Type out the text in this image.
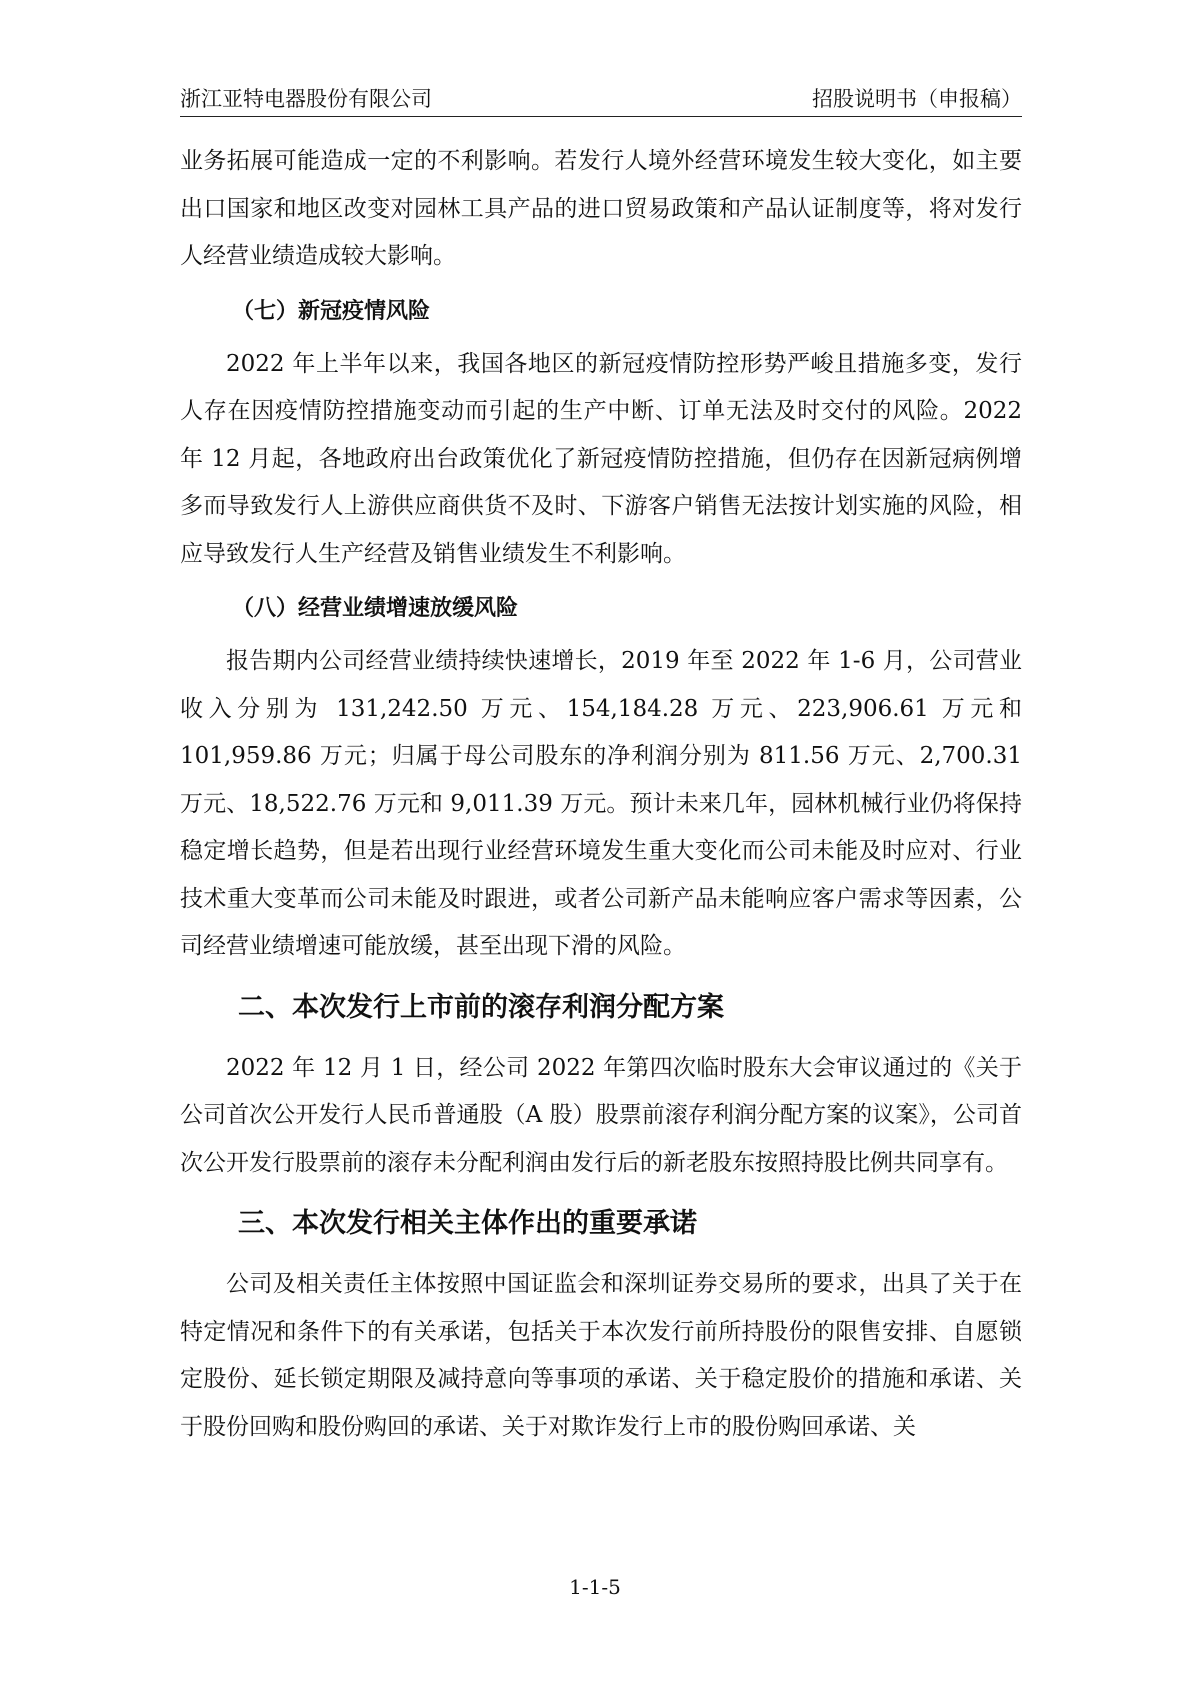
浙江亚特电器股份有限公司	招股说明书（申报稿）

业务拓展可能造成一定的不利影响。若发行人境外经营环境发生较大变化，如主要出口国家和地区改变对园林工具产品的进口贸易政策和产品认证制度等，将对发行人经营业绩造成较大影响。

（七）新冠疫情风险

2022 年上半年以来，我国各地区的新冠疫情防控形势严峻且措施多变，发行人存在因疫情防控措施变动而引起的生产中断、订单无法及时交付的风险。2022 年 12 月起，各地政府出台政策优化了新冠疫情防控措施，但仍存在因新冠病例增多而导致发行人上游供应商供货不及时、下游客户销售无法按计划实施的风险，相应导致发行人生产经营及销售业绩发生不利影响。

（八）经营业绩增速放缓风险

报告期内公司经营业绩持续快速增长，2019 年至 2022 年 1-6 月，公司营业收入分别为 131,242.50 万元、154,184.28 万元、223,906.61 万元和 101,959.86 万元；归属于母公司股东的净利润分别为 811.56 万元、2,700.31 万元、18,522.76 万元和 9,011.39 万元。预计未来几年，园林机械行业仍将保持稳定增长趋势，但是若出现行业经营环境发生重大变化而公司未能及时应对、行业技术重大变革而公司未能及时跟进，或者公司新产品未能响应客户需求等因素，公司经营业绩增速可能放缓，甚至出现下滑的风险。

二、本次发行上市前的滚存利润分配方案

2022 年 12 月 1 日，经公司 2022 年第四次临时股东大会审议通过的《关于公司首次公开发行人民币普通股（A 股）股票前滚存利润分配方案的议案》，公司首次公开发行股票前的滚存未分配利润由发行后的新老股东按照持股比例共同享有。

三、本次发行相关主体作出的重要承诺

公司及相关责任主体按照中国证监会和深圳证券交易所的要求，出具了关于在特定情况和条件下的有关承诺，包括关于本次发行前所持股份的限售安排、自愿锁定股份、延长锁定期限及减持意向等事项的承诺、关于稳定股价的措施和承诺、关于股份回购和股份购回的承诺、关于对欺诈发行上市的股份购回承诺、关

1-1-5
